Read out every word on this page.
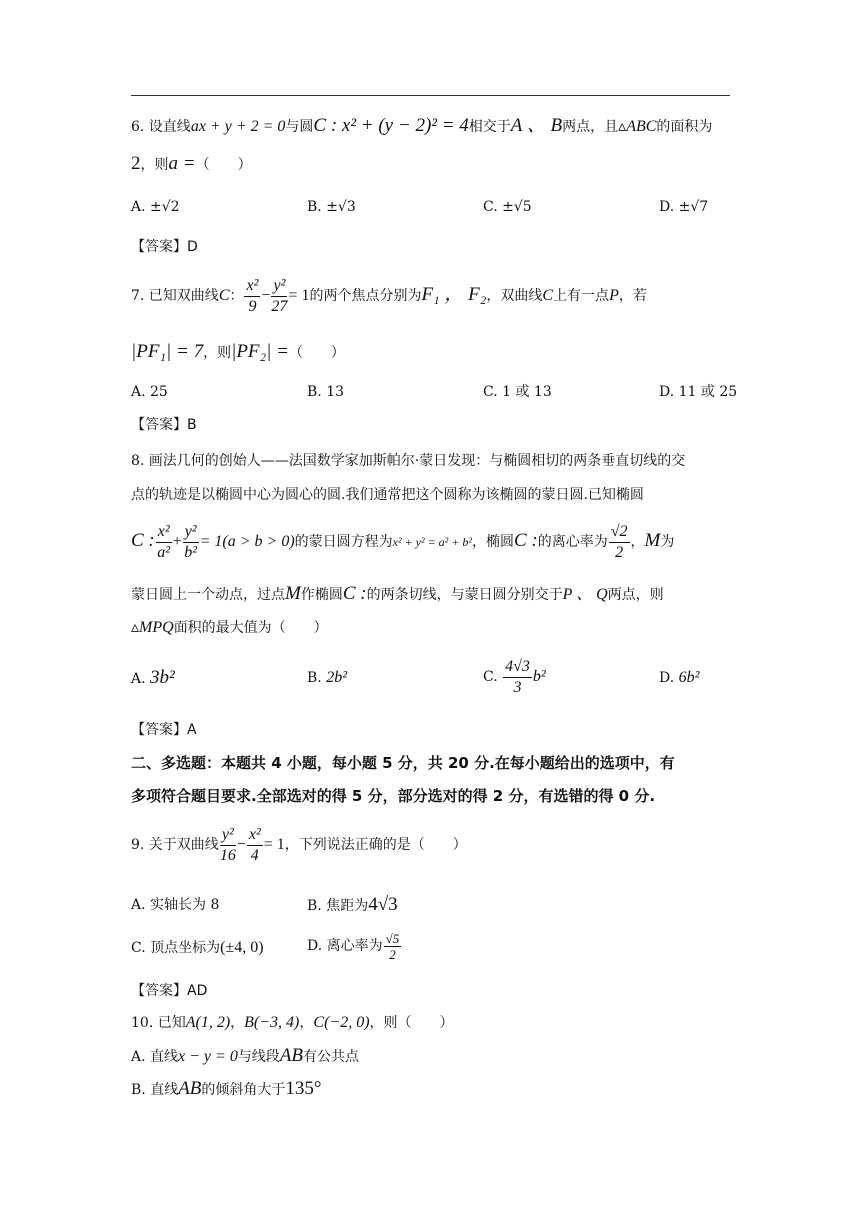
6. 设直线ax + y + 2 = 0与圆C : x² + (y − 2)² = 4相交于A 、 B两点，且▵ABC的面积为
2，则a =（　　）
A. ±√2	B. ±√3	C. ±√5	D. ±√7
【答案】D
7. 已知双曲线C： $\frac{\text{x²}}{9} - \frac{\text{y²}}{27} = 1$的两个焦点分别为F₁ ， F₂，双曲线C上有一点P，若
|PF₁| = 7，则|PF₂| =（　　）
A. 25	B. 13	C. 1 或 13	D. 11 或 25
【答案】B
8. 画法几何的创始人——法国数学家加斯帕尔·蒙日发现：与椭圆相切的两条垂直切线的交
点的轨迹是以椭圆中心为圆心的圆.我们通常把这个圆称为该椭圆的蒙日圆.已知椭圆
C : $\frac{\text{x²}}{\text{a²}} + \frac{\text{y²}}{\text{b²}} = 1(a > b > 0)$的蒙日圆方程为x² + y² = a² + b²，椭圆C :的离心率为 $\frac{√2}{2}$ ，M为
蒙日圆上一个动点，过点M作椭圆C :的两条切线，与蒙日圆分别交于P 、 Q两点，则
▵MPQ面积的最大值为（　　）
A. 3b²	B. 2b²	C. $\frac{4√3}{3} b^2$	D. 6b²
【答案】A
二、多选题：本题共 4 小题，每小题 5 分，共 20 分.在每小题给出的选项中，有
多项符合题目要求.全部选对的得 5 分，部分选对的得 2 分，有选错的得 0 分.
9. 关于双曲线 $\frac{\text{y²}}{16} - \frac{\text{x²}}{4} = 1$，下列说法正确的是（　　）
A. 实轴长为 8	B. 焦距为4√3
C. 顶点坐标为(±4, 0)	D. 离心率为 $\frac{√5}{2}$
【答案】AD
10. 已知A(1, 2)，B(−3, 4)，C(−2, 0)，则（　　）
A. 直线x − y = 0与线段AB有公共点
B. 直线AB的倾斜角大于135°
